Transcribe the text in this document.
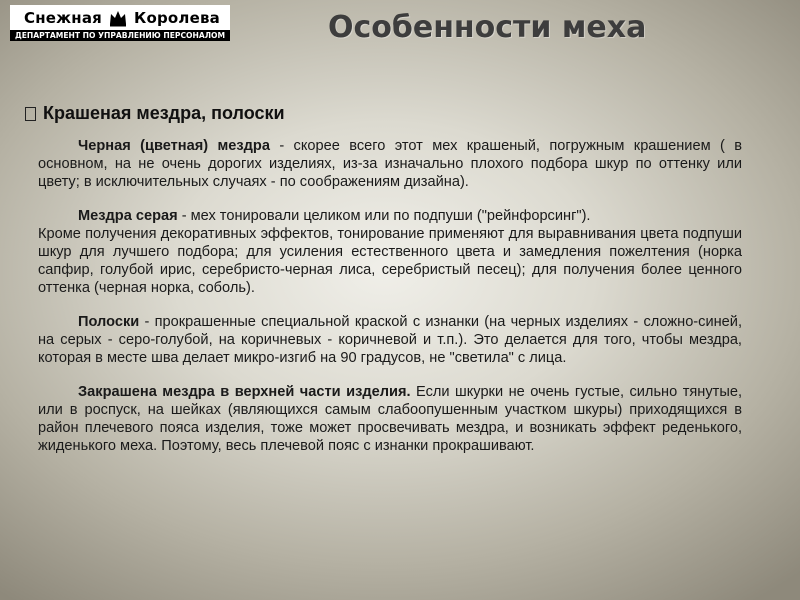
Снежная Королева
ДЕПАРТАМЕНТ ПО УПРАВЛЕНИЮ ПЕРСОНАЛОМ	Особенности меха
Крашеная мездра, полоски

Черная (цветная) мездра - скорее всего этот мех крашеный, погружным крашением ( в основном, на не очень дорогих изделиях, из-за изначально плохого подбора шкур по оттенку или цвету; в исключительных случаях - по соображениям дизайна).

Мездра серая - мех тонировали целиком или по подпуши ("рейнфорсинг").

Кроме получения декоративных эффектов, тонирование применяют для выравнивания цвета подпуши шкур для лучшего подбора; для усиления естественного цвета и замедления пожелтения (норка сапфир, голубой ирис, серебристо-черная лиса, серебристый песец); для получения более ценного оттенка (черная норка, соболь).

Полоски - прокрашенные специальной краской с изнанки (на черных изделиях - сложно-синей, на серых - серо-голубой, на коричневых - коричневой и т.п.). Это делается для того, чтобы мездра, которая в месте шва делает микро-изгиб на 90 градусов, не "светила" с лица.

Закрашена мездра в верхней части изделия. Если шкурки не очень густые, сильно тянутые, или в роспуск, на шейках (являющихся самым слабоопушенным участком шкуры) приходящихся в район плечевого пояса изделия, тоже может просвечивать мездра, и возникать эффект реденького, жиденького меха. Поэтому, весь плечевой пояс с изнанки прокрашивают.
